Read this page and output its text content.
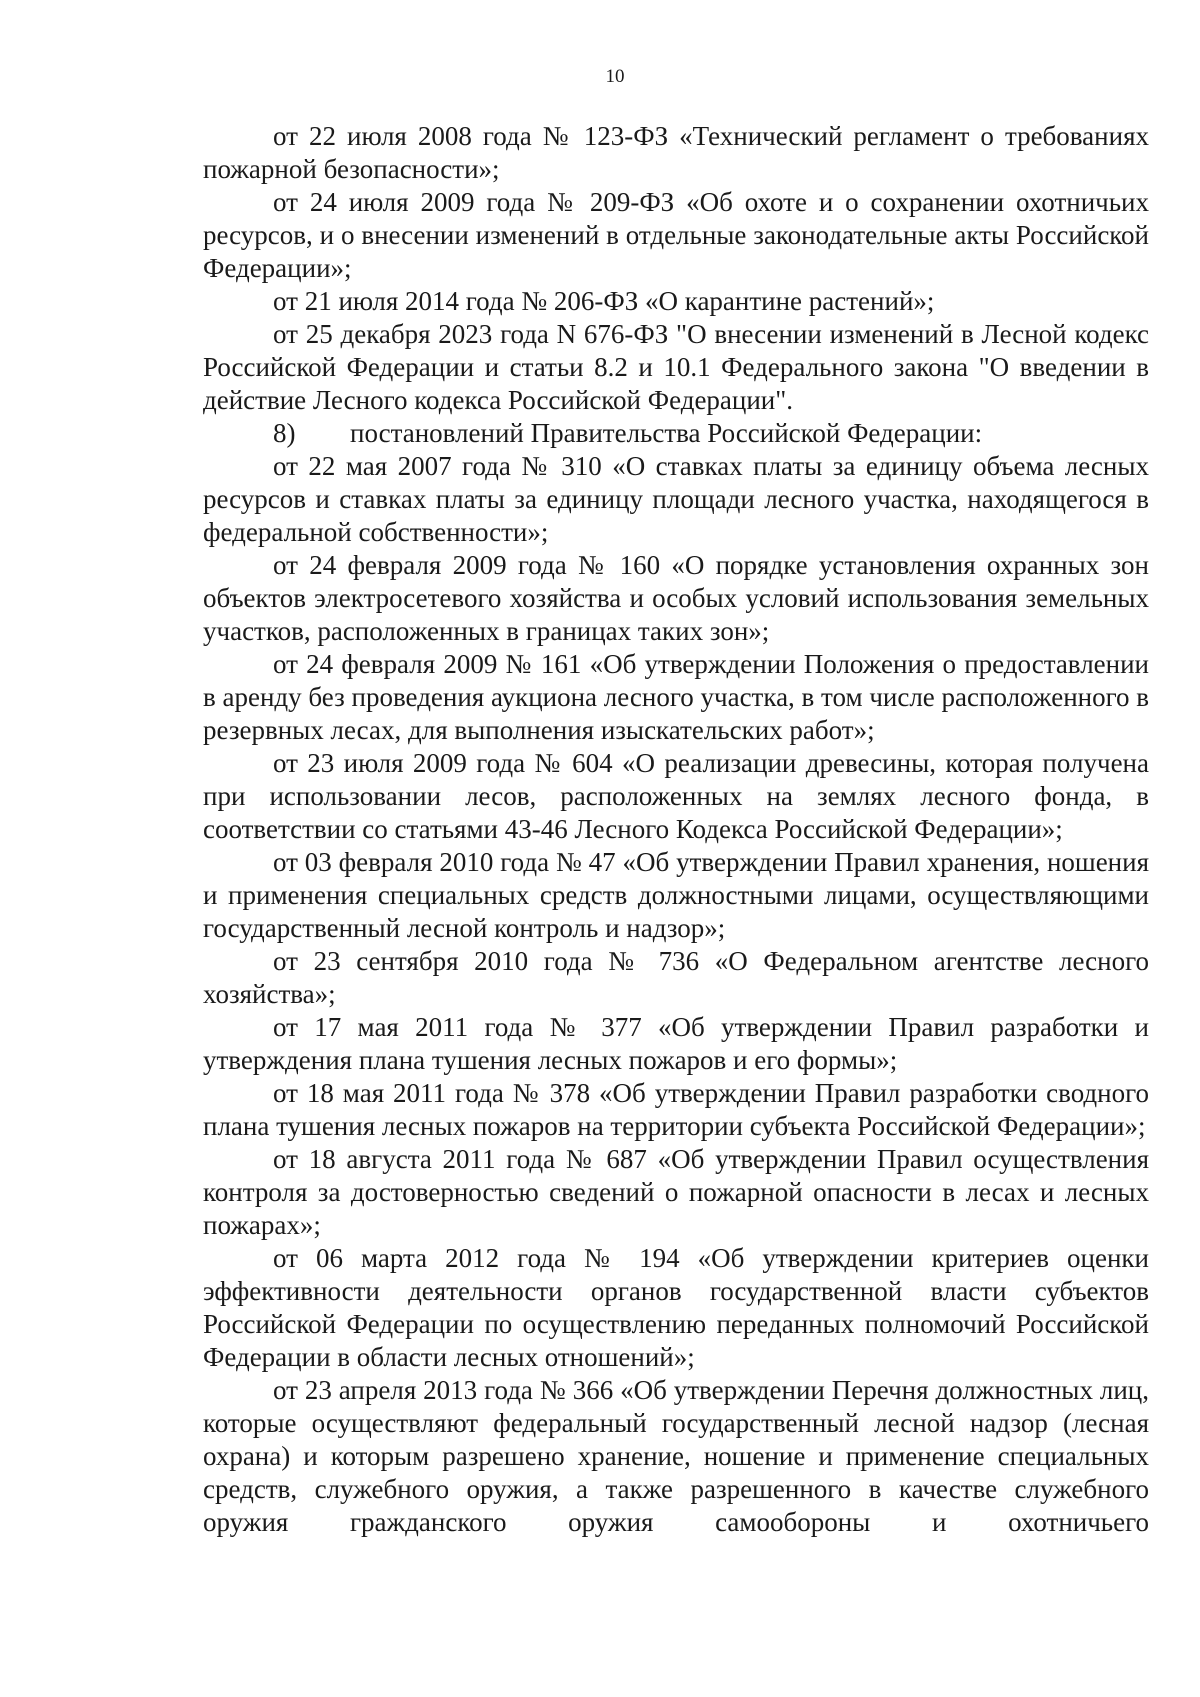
10

от 22 июля 2008 года № 123-ФЗ «Технический регламент о требованиях пожарной безопасности»;

от 24 июля 2009 года № 209-ФЗ «Об охоте и о сохранении охотничьих ресурсов, и о внесении изменений в отдельные законодательные акты Российской Федерации»;

от 21 июля 2014 года № 206-ФЗ «О карантине растений»;

от 25 декабря 2023 года N 676-ФЗ "О внесении изменений в Лесной кодекс Российской Федерации и статьи 8.2 и 10.1 Федерального закона "О введении в действие Лесного кодекса Российской Федерации".

8)	постановлений Правительства Российской Федерации:

от 22 мая 2007 года № 310 «О ставках платы за единицу объема лесных ресурсов и ставках платы за единицу площади лесного участка, находящегося в федеральной собственности»;

от 24 февраля 2009 года № 160 «О порядке установления охранных зон объектов электросетевого хозяйства и особых условий использования земельных участков, расположенных в границах таких зон»;

от 24 февраля 2009 № 161 «Об утверждении Положения о предоставлении в аренду без проведения аукциона лесного участка, в том числе расположенного в резервных лесах, для выполнения изыскательских работ»;

от 23 июля 2009 года № 604 «О реализации древесины, которая получена при использовании лесов, расположенных на землях лесного фонда, в соответствии со статьями 43-46 Лесного Кодекса Российской Федерации»;

от 03 февраля 2010 года № 47 «Об утверждении Правил хранения, ношения и применения специальных средств должностными лицами, осуществляющими государственный лесной контроль и надзор»;

от 23 сентября 2010 года № 736 «О Федеральном агентстве лесного хозяйства»;

от 17 мая 2011 года № 377 «Об утверждении Правил разработки и утверждения плана тушения лесных пожаров и его формы»;

от 18 мая 2011 года № 378 «Об утверждении Правил разработки сводного плана тушения лесных пожаров на территории субъекта Российской Федерации»;

от 18 августа 2011 года № 687 «Об утверждении Правил осуществления контроля за достоверностью сведений о пожарной опасности в лесах и лесных пожарах»;

от 06 марта 2012 года № 194 «Об утверждении критериев оценки эффективности деятельности органов государственной власти субъектов Российской Федерации по осуществлению переданных полномочий Российской Федерации в области лесных отношений»;

от 23 апреля 2013 года № 366 «Об утверждении Перечня должностных лиц, которые осуществляют федеральный государственный лесной надзор (лесная охрана) и которым разрешено хранение, ношение и применение специальных средств, служебного оружия, а также разрешенного в качестве служебного оружия гражданского оружия самообороны и охотничьего
